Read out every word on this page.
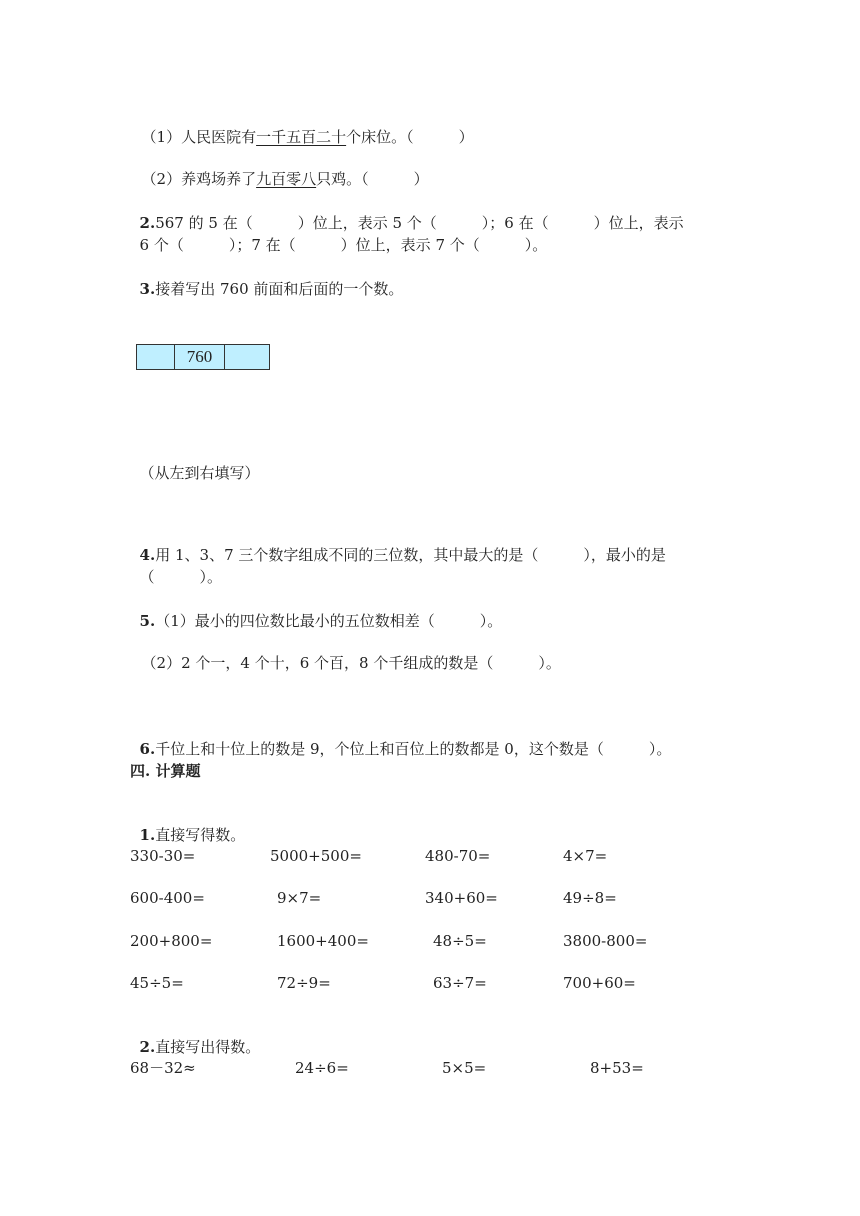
（1）人民医院有一千五百二十个床位。（　　　）

（2）养鸡场养了九百零八只鸡。（　　　）

2.567 的 5 在（　　　）位上，表示 5 个（　　　）；6 在（　　　）位上，表示

6 个（　　　）；7 在（　　　）位上，表示 7 个（　　　）。

3.接着写出 760 前面和后面的一个数。

760

（从左到右填写）

4.用 1、3、7 三个数字组成不同的三位数，其中最大的是（　　　），最小的是

（　　　）。

5.（1）最小的四位数比最小的五位数相差（　　　）。

（2）2 个一，4 个十，6 个百，8 个千组成的数是（　　　）。

6.千位上和十位上的数是 9，个位上和百位上的数都是 0，这个数是（　　　）。

四. 计算题

1.直接写得数。

330-30=	5000+500=	480-70=	4×7=
600-400=	9×7=	340+60=	49÷8=
200+800=	1600+400=	48÷5=	3800-800=
45÷5=	72÷9=	63÷7=	700+60=

2.直接写出得数。

68－32≈	24÷6=	5×5=	8+53=
